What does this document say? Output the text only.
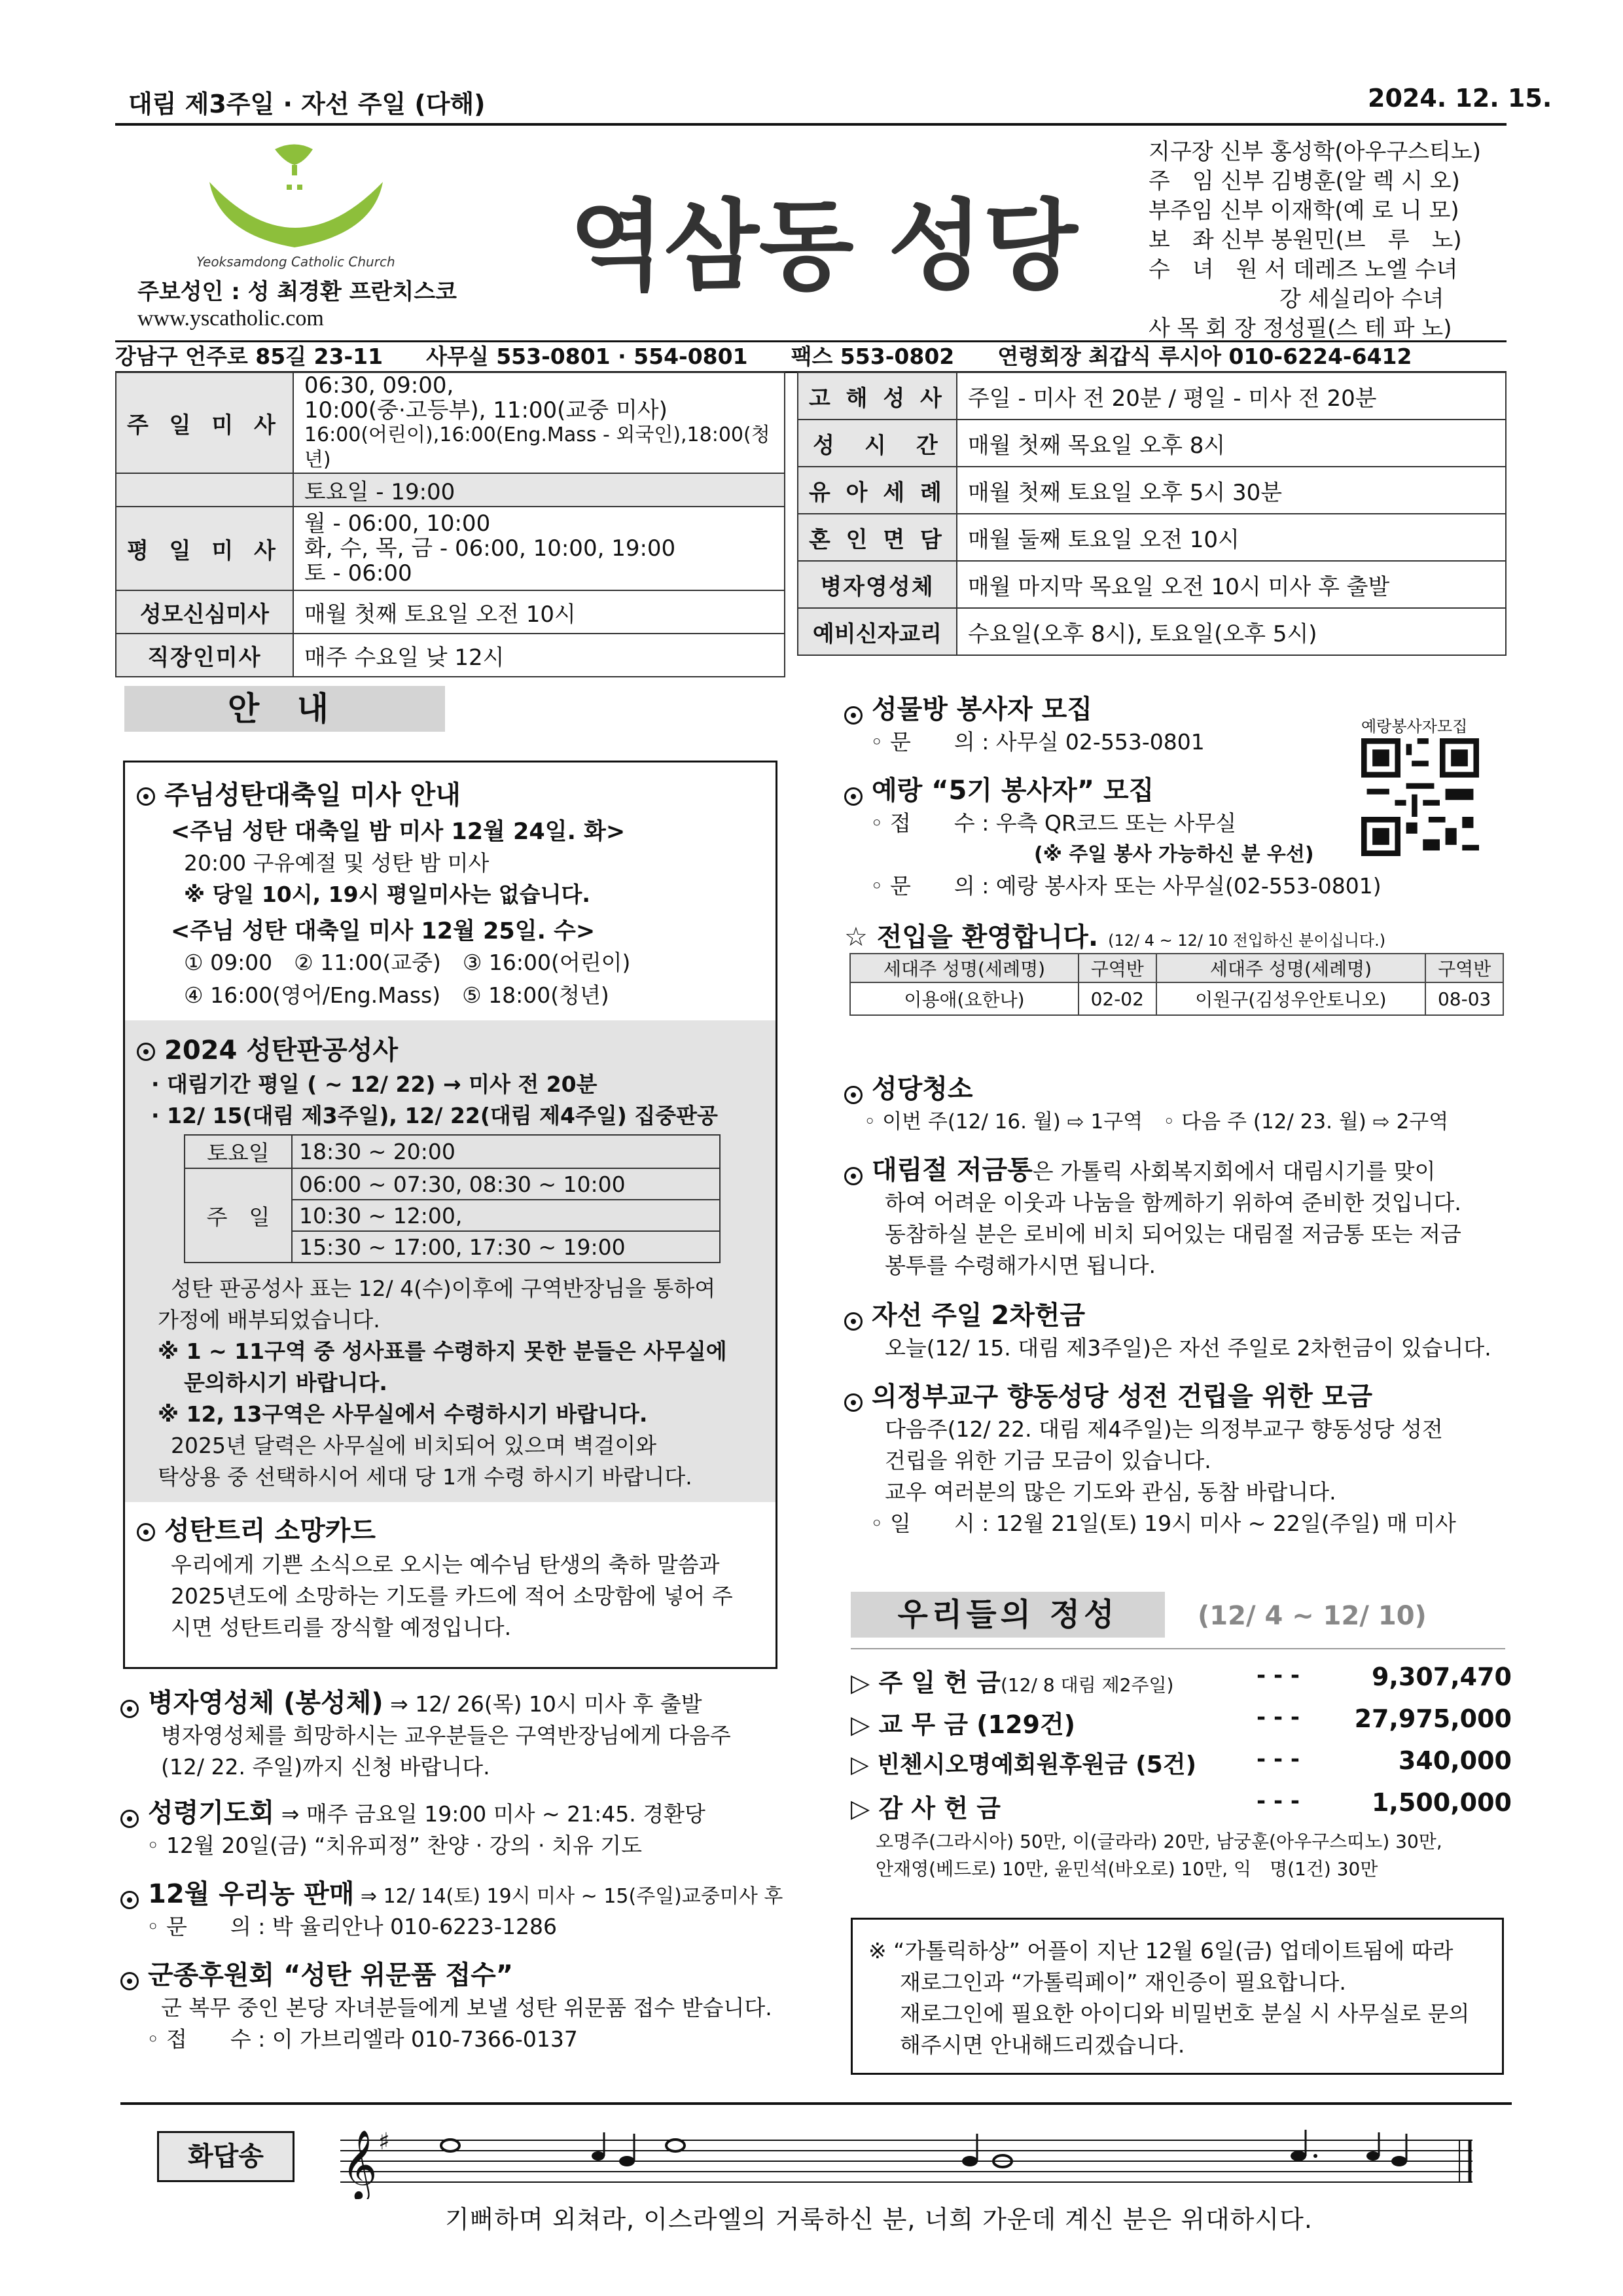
대림 제3주일 · 자선 주일 (다해)	2024. 12. 15.
Yeoksamdong Catholic Church 역삼동 성당
주보성인 : 성 최경환 프란치스코
www.yscatholic.com
지구장 신부 홍성학(아우구스티노)
주　임 신부 김병훈(알 렉 시 오)
부주임 신부 이재학(예 로 니 모)
보　좌 신부 봉원민(브　루　노)
수　녀　원 서 데레즈 노엘 수녀
강 세실리아 수녀
사 목 회 장 정성필(스 테 파 노)
강남구 언주로 85길 23-11　　사무실 553-0801 · 554-0801　　팩스 553-0802　　연령회장 최갑식 루시아 010-6224-6412
주 일 미 사	06:30, 09:00,
10:00(중·고등부), 11:00(교중 미사)
16:00(어린이),16:00(Eng.Mass - 외국인),18:00(청년)

	토요일 - 19:00
평 일 미 사	월 - 06:00, 10:00
화, 수, 목, 금 - 06:00, 10:00, 19:00
토 - 06:00

성모신심미사	매월 첫째 토요일 오전 10시
직장인미사	매주 수요일 낮 12시
고 해 성 사	주일 - 미사 전 20분 / 평일 - 미사 전 20분
성　시　간	매월 첫째 목요일 오후 8시
유 아 세 례	매월 첫째 토요일 오후 5시 30분
혼 인 면 담	매월 둘째 토요일 오전 10시
병자영성체	매월 마지막 목요일 오전 10시 미사 후 출발
예비신자교리	수요일(오후 8시), 토요일(오후 5시)
안 내
주님성탄대축일 미사 안내
<주님 성탄 대축일 밤 미사 12월 24일. 화>
20:00 구유예절 및 성탄 밤 미사
※ 당일 10시, 19시 평일미사는 없습니다.
<주님 성탄 대축일 미사 12월 25일. 수>
① 09:00　② 11:00(교중)　③ 16:00(어린이)
④ 16:00(영어/Eng.Mass)　⑤ 18:00(청년)
2024 성탄판공성사
· 대림기간 평일 ( ~ 12/ 22) → 미사 전 20분
· 12/ 15(대림 제3주일), 12/ 22(대림 제4주일) 집중판공
토요일	18:30 ~ 20:00
주　일	06:00 ~ 07:30, 08:30 ~ 10:00
	10:30 ~ 12:00,
	15:30 ~ 17:00, 17:30 ~ 19:00
성탄 판공성사 표는 12/ 4(수)이후에 구역반장님을 통하여
가정에 배부되었습니다.
※ 1 ~ 11구역 중 성사표를 수령하지 못한 분들은 사무실에
문의하시기 바랍니다.
※ 12, 13구역은 사무실에서 수령하시기 바랍니다.
2025년 달력은 사무실에 비치되어 있으며 벽걸이와
탁상용 중 선택하시어 세대 당 1개 수령 하시기 바랍니다.
성탄트리 소망카드
우리에게 기쁜 소식으로 오시는 예수님 탄생의 축하 말씀과
2025년도에 소망하는 기도를 카드에 적어 소망함에 넣어 주
시면 성탄트리를 장식할 예정입니다.
병자영성체 (봉성체) ⇒ 12/ 26(목) 10시 미사 후 출발
병자영성체를 희망하시는 교우분들은 구역반장님에게 다음주
(12/ 22. 주일)까지 신청 바랍니다.
성령기도회 ⇒ 매주 금요일 19:00 미사 ~ 21:45. 경환당
◦ 12월 20일(금) “치유피정” 찬양 · 강의 · 치유 기도
12월 우리농 판매 ⇒ 12/ 14(토) 19시 미사 ~ 15(주일)교중미사 후
◦ 문　　의 : 박 율리안나 010-6223-1286
군종후원회 “성탄 위문품 접수”
군 복무 중인 본당 자녀분들에게 보낼 성탄 위문품 접수 받습니다.
◦ 접　　수 : 이 가브리엘라 010-7366-0137
성물방 봉사자 모집
◦ 문　　의 : 사무실 02-553-0801
예랑봉사자모집
예랑 “5기 봉사자” 모집
◦ 접　　수 : 우측 QR코드 또는 사무실
(※ 주일 봉사 가능하신 분 우선)
◦ 문　　의 : 예랑 봉사자 또는 사무실(02-553-0801)
☆ 전입을 환영합니다. (12/ 4 ~ 12/ 10 전입하신 분이십니다.)
세대주 성명(세례명)	구역반	세대주 성명(세례명)	구역반
이용애(요한나)	02-02	이원구(김성우안토니오)	08-03
성당청소
◦ 이번 주(12/ 16. 월) ⇨ 1구역　◦ 다음 주 (12/ 23. 월) ⇨ 2구역
대림절 저금통은 가톨릭 사회복지회에서 대림시기를 맞이
하여 어려운 이웃과 나눔을 함께하기 위하여 준비한 것입니다.
동참하실 분은 로비에 비치 되어있는 대림절 저금통 또는 저금
봉투를 수령해가시면 됩니다.
자선 주일 2차헌금
오늘(12/ 15. 대림 제3주일)은 자선 주일로 2차헌금이 있습니다.
의정부교구 향동성당 성전 건립을 위한 모금
다음주(12/ 22. 대림 제4주일)는 의정부교구 향동성당 성전
건립을 위한 기금 모금이 있습니다.
교우 여러분의 많은 기도와 관심, 동참 바랍니다.
◦ 일　　시 : 12월 21일(토) 19시 미사 ~ 22일(주일) 매 미사
우리들의 정성	(12/ 4 ~ 12/ 10)
▷ 주 일 헌 금(12/ 8 대림 제2주일)	- - -	9,307,470
▷ 교 무 금 (129건)	- - - 27,975,000
▷ 빈첸시오명예회원후원금 (5건)	- - -	340,000
▷ 감 사 헌 금	- - -	1,500,000
오명주(그라시아) 50만, 이(글라라) 20만, 남궁훈(아우구스띠노) 30만,
안재영(베드로) 10만, 윤민석(바오로) 10만, 익　명(1건) 30만
※ “가톨릭하상” 어플이 지난 12월 6일(금) 업데이트됨에 따라
재로그인과 “가톨릭페이” 재인증이 필요합니다.
재로그인에 필요한 아이디와 비밀번호 분실 시 사무실로 문의
해주시면 안내해드리겠습니다.
화답송	𝄞 ♯
기뻐하며 외쳐라, 이스라엘의 거룩하신 분, 너희 가운데 계신 분은 위대하시다.
